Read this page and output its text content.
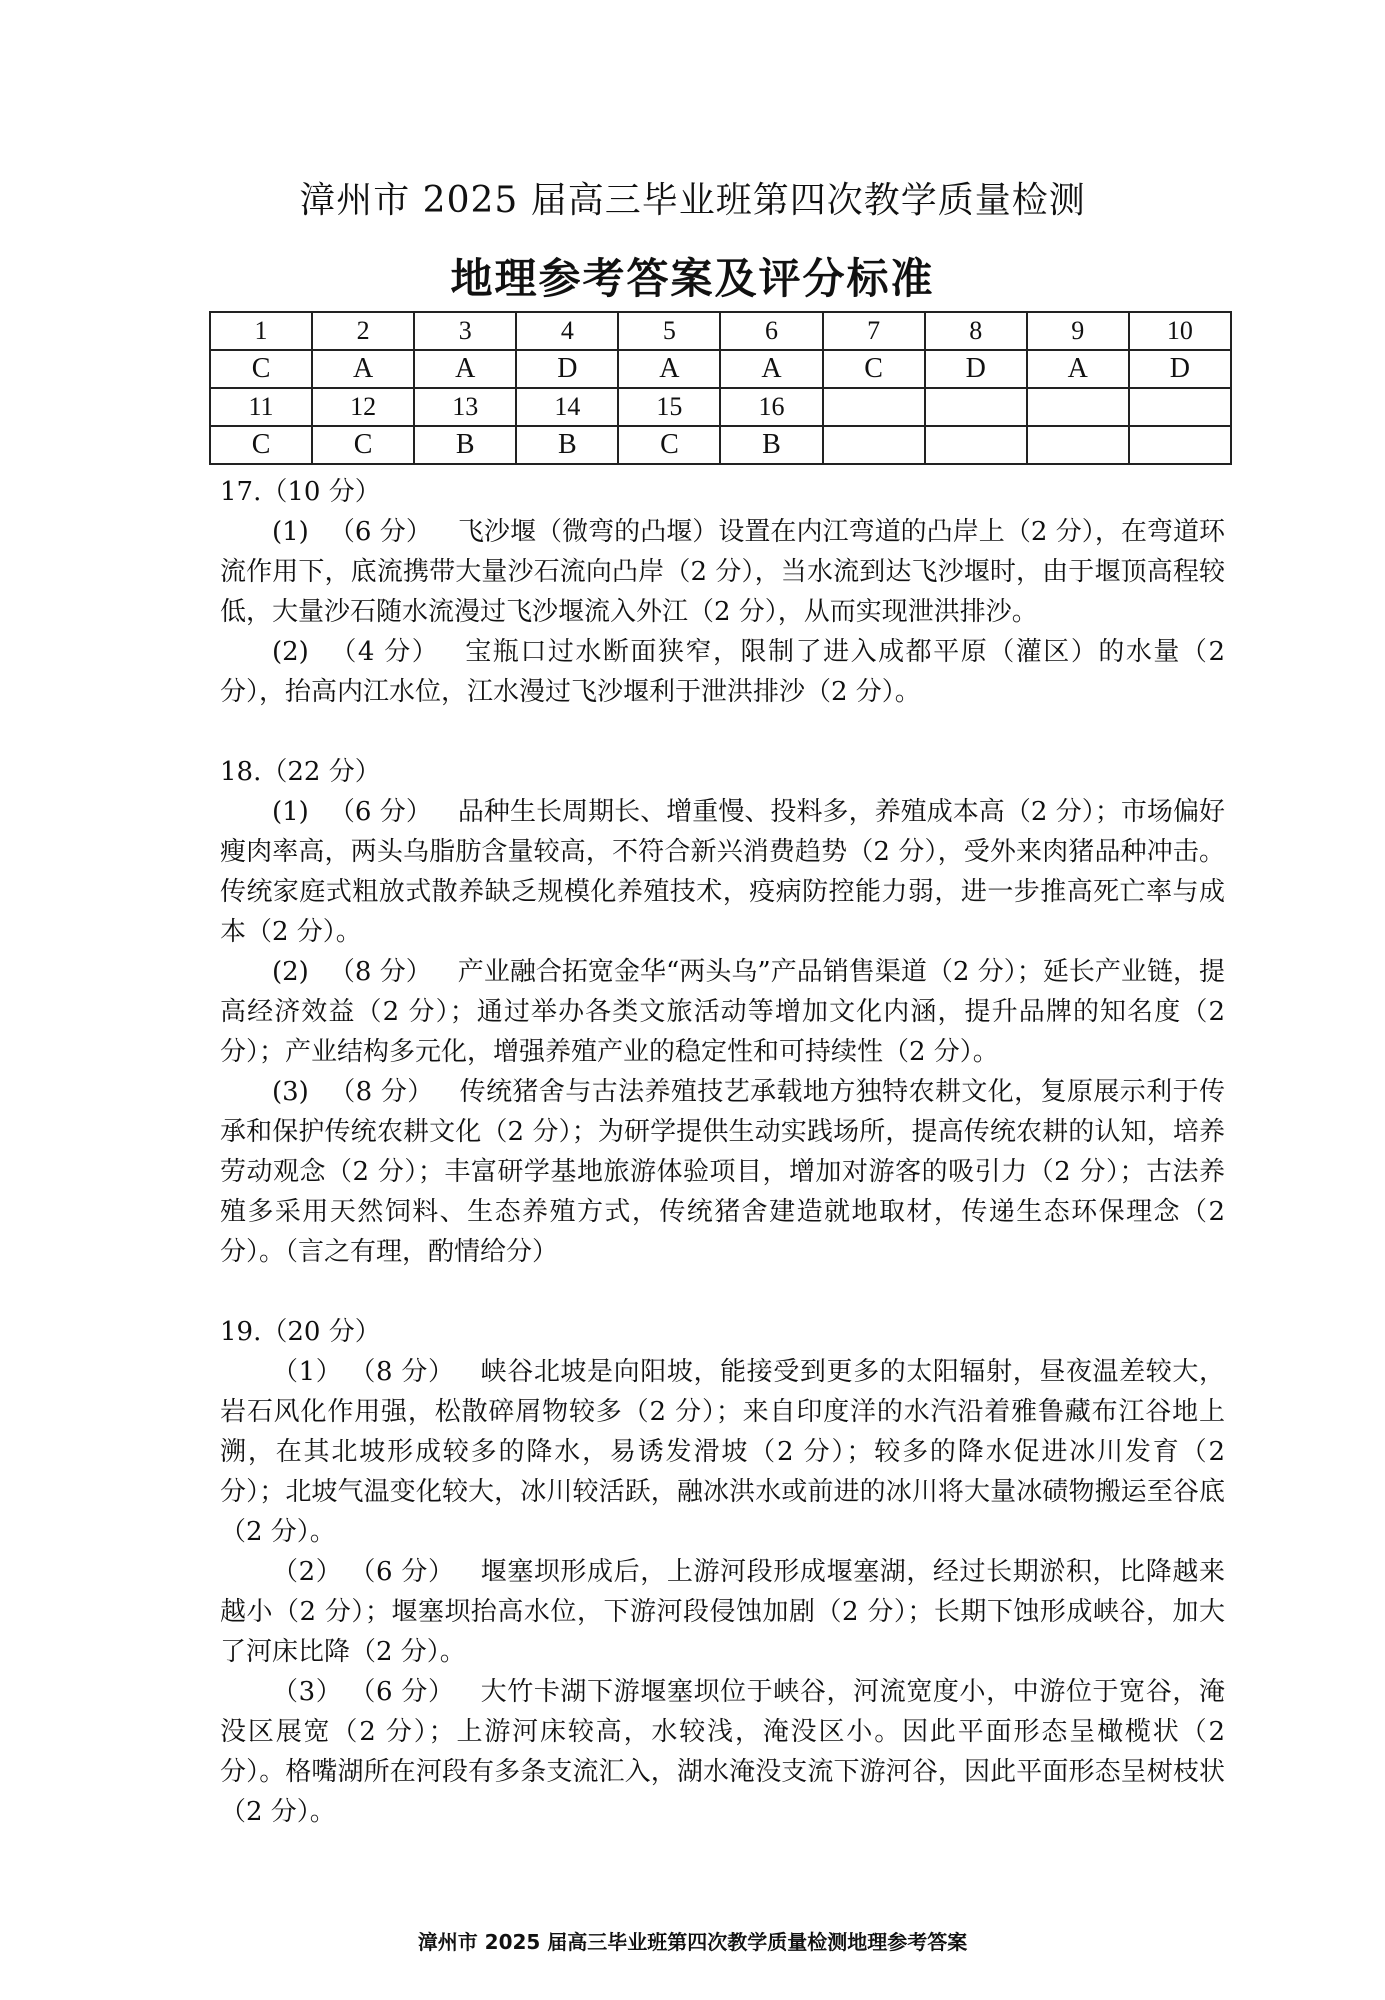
漳州市 2025 届高三毕业班第四次教学质量检测
地理参考答案及评分标准
1	2	3	4	5	6	7	8	9	10
C	A	A	D	A	A	C	D	A	D
11	12	13	14	15	16				
C	C	B	B	C	B				

17.（10 分）

(1) （6 分） 飞沙堰（微弯的凸堰）设置在内江弯道的凸岸上（2 分），在弯道环流作用下，底流携带大量沙石流向凸岸（2 分），当水流到达飞沙堰时，由于堰顶高程较低，大量沙石随水流漫过飞沙堰流入外江（2 分），从而实现泄洪排沙。

(2) （4 分） 宝瓶口过水断面狭窄，限制了进入成都平原（灌区）的水量（2 分），抬高内江水位，江水漫过飞沙堰利于泄洪排沙（2 分）。

18.（22 分）

(1) （6 分） 品种生长周期长、增重慢、投料多，养殖成本高（2 分）；市场偏好瘦肉率高，两头乌脂肪含量较高，不符合新兴消费趋势（2 分），受外来肉猪品种冲击。传统家庭式粗放式散养缺乏规模化养殖技术，疫病防控能力弱，进一步推高死亡率与成本（2 分）。

(2) （8 分） 产业融合拓宽金华“两头乌”产品销售渠道（2 分）；延长产业链，提高经济效益（2 分）；通过举办各类文旅活动等增加文化内涵，提升品牌的知名度（2 分）；产业结构多元化，增强养殖产业的稳定性和可持续性（2 分）。

(3) （8 分） 传统猪舍与古法养殖技艺承载地方独特农耕文化，复原展示利于传承和保护传统农耕文化（2 分）；为研学提供生动实践场所，提高传统农耕的认知，培养劳动观念（2 分）；丰富研学基地旅游体验项目，增加对游客的吸引力（2 分）；古法养殖多采用天然饲料、生态养殖方式，传统猪舍建造就地取材，传递生态环保理念（2 分）。（言之有理，酌情给分）

19.（20 分）

（1） （8 分） 峡谷北坡是向阳坡，能接受到更多的太阳辐射，昼夜温差较大，岩石风化作用强，松散碎屑物较多（2 分）；来自印度洋的水汽沿着雅鲁藏布江谷地上溯，在其北坡形成较多的降水，易诱发滑坡（2 分）；较多的降水促进冰川发育（2 分）；北坡气温变化较大，冰川较活跃，融冰洪水或前进的冰川将大量冰碛物搬运至谷底（2 分）。

（2） （6 分） 堰塞坝形成后，上游河段形成堰塞湖，经过长期淤积，比降越来越小（2 分）；堰塞坝抬高水位，下游河段侵蚀加剧（2 分）；长期下蚀形成峡谷，加大了河床比降（2 分）。

（3） （6 分） 大竹卡湖下游堰塞坝位于峡谷，河流宽度小，中游位于宽谷，淹没区展宽（2 分）；上游河床较高，水较浅，淹没区小。因此平面形态呈橄榄状（2 分）。格嘴湖所在河段有多条支流汇入，湖水淹没支流下游河谷，因此平面形态呈树枝状（2 分）。

漳州市 2025 届高三毕业班第四次教学质量检测地理参考答案
